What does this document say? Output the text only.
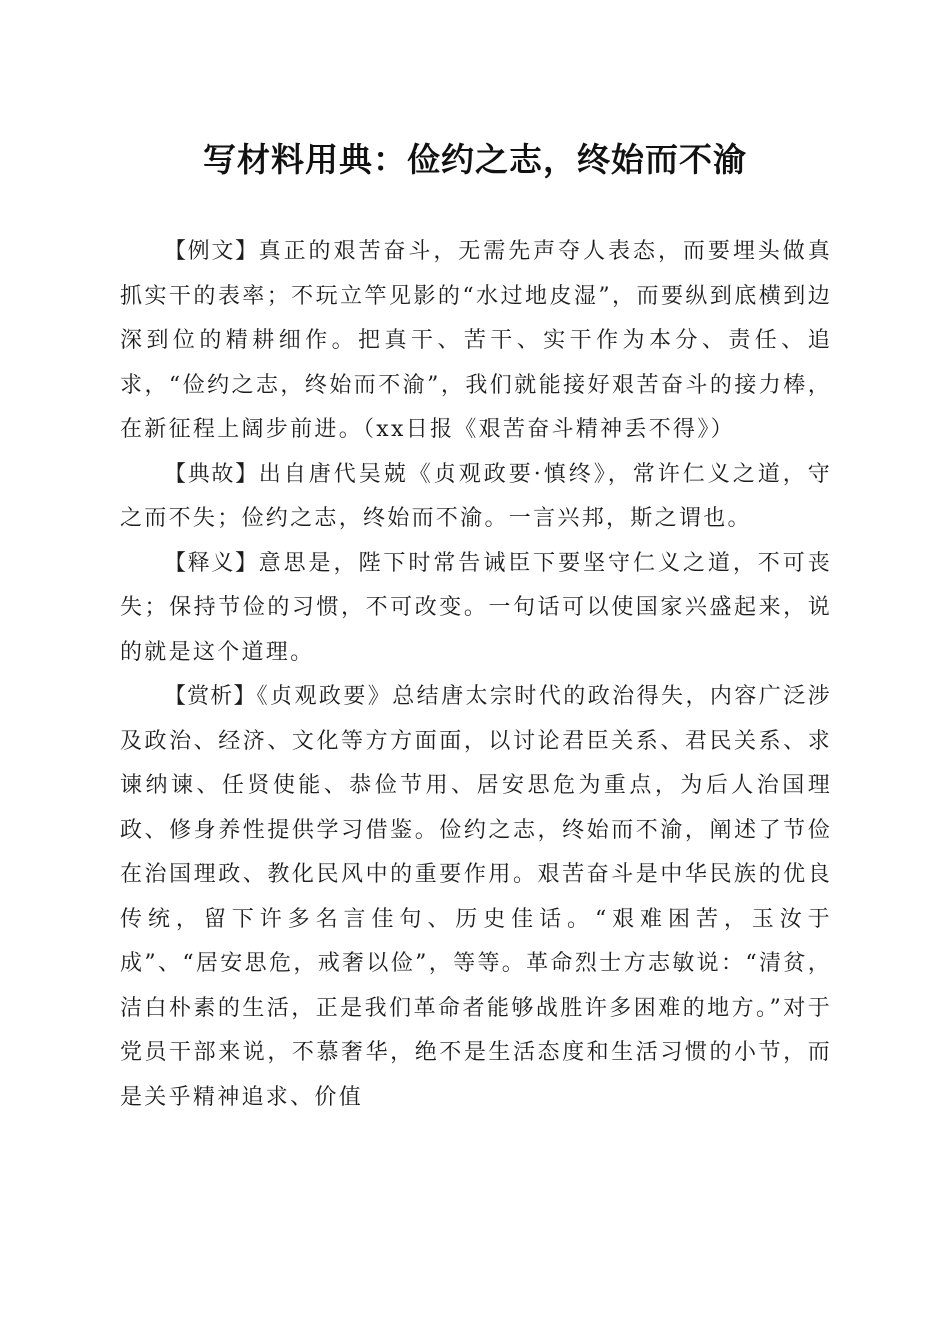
写材料用典：俭约之志，终始而不渝

【例文】真正的艰苦奋斗，无需先声夺人表态，而要埋头做真抓实干的表率；不玩立竿见影的“水过地皮湿”，而要纵到底横到边深到位的精耕细作。把真干、苦干、实干作为本分、责任、追求，“俭约之志，终始而不渝”，我们就能接好艰苦奋斗的接力棒，在新征程上阔步前进。（xx日报《艰苦奋斗精神丢不得》）

【典故】出自唐代吴兢《贞观政要·慎终》，常许仁义之道，守之而不失；俭约之志，终始而不渝。一言兴邦，斯之谓也。

【释义】意思是，陛下时常告诫臣下要坚守仁义之道，不可丧失；保持节俭的习惯，不可改变。一句话可以使国家兴盛起来，说的就是这个道理。

【赏析】《贞观政要》总结唐太宗时代的政治得失，内容广泛涉及政治、经济、文化等方方面面，以讨论君臣关系、君民关系、求谏纳谏、任贤使能、恭俭节用、居安思危为重点，为后人治国理政、修身养性提供学习借鉴。俭约之志，终始而不渝，阐述了节俭在治国理政、教化民风中的重要作用。艰苦奋斗是中华民族的优良传统，留下许多名言佳句、历史佳话。“艰难困苦，玉汝于成”、“居安思危，戒奢以俭”，等等。革命烈士方志敏说：“清贫，洁白朴素的生活，正是我们革命者能够战胜许多困难的地方。”对于党员干部来说，不慕奢华，绝不是生活态度和生活习惯的小节，而是关乎精神追求、价值
